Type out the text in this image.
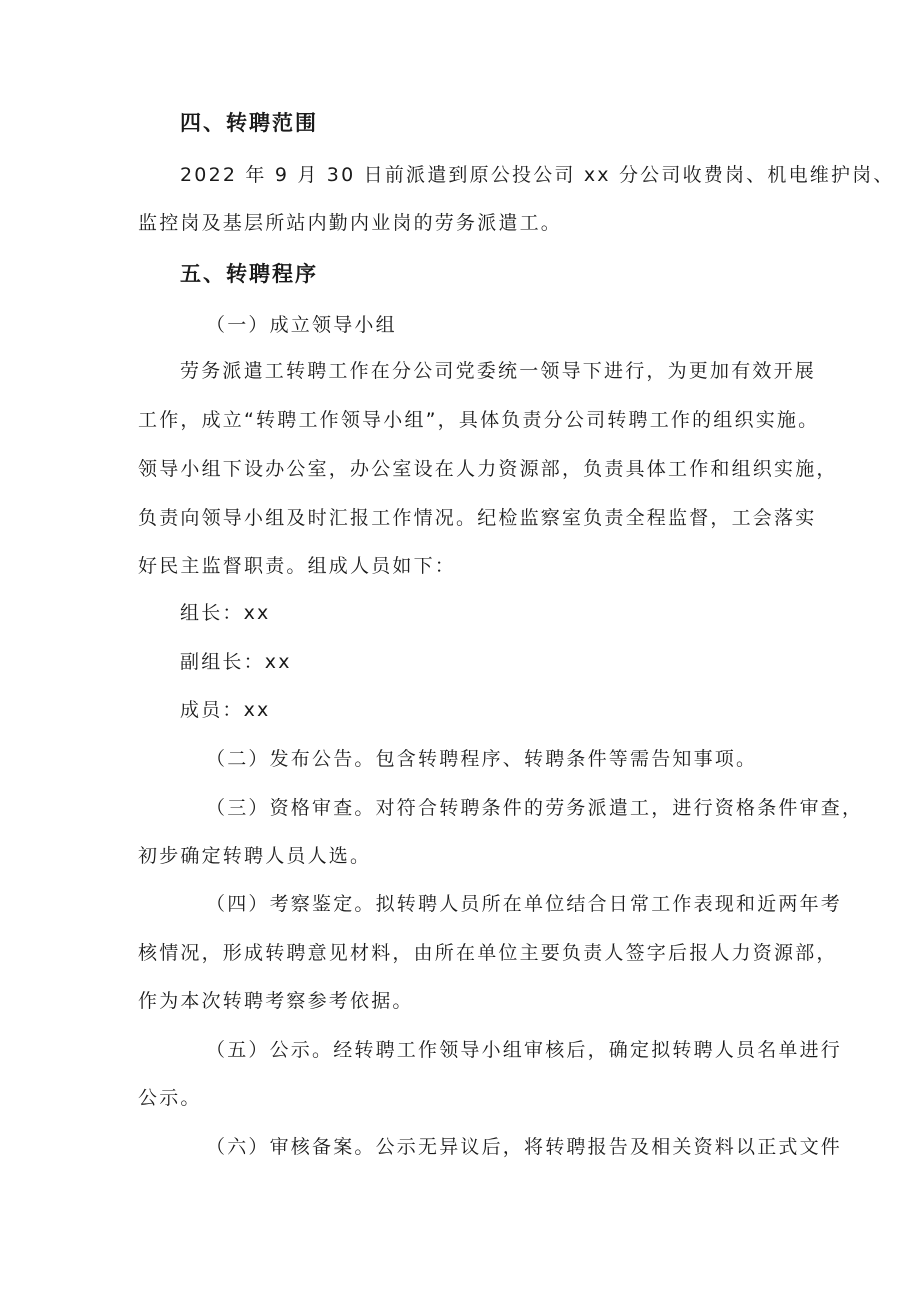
四、转聘范围
2022 年 9 月 30 日前派遣到原公投公司 xx 分公司收费岗、机电维护岗、
监控岗及基层所站内勤内业岗的劳务派遣工。
五、转聘程序
（一）成立领导小组
劳务派遣工转聘工作在分公司党委统一领导下进行，为更加有效开展
工作，成立“转聘工作领导小组”，具体负责分公司转聘工作的组织实施。
领导小组下设办公室，办公室设在人力资源部，负责具体工作和组织实施，
负责向领导小组及时汇报工作情况。纪检监察室负责全程监督，工会落实
好民主监督职责。组成人员如下：
组长：xx
副组长：xx
成员：xx
（二）发布公告。包含转聘程序、转聘条件等需告知事项。
（三）资格审查。对符合转聘条件的劳务派遣工，进行资格条件审查，
初步确定转聘人员人选。
（四）考察鉴定。拟转聘人员所在单位结合日常工作表现和近两年考
核情况，形成转聘意见材料，由所在单位主要负责人签字后报人力资源部，
作为本次转聘考察参考依据。
（五）公示。经转聘工作领导小组审核后，确定拟转聘人员名单进行
公示。
（六）审核备案。公示无异议后，将转聘报告及相关资料以正式文件
